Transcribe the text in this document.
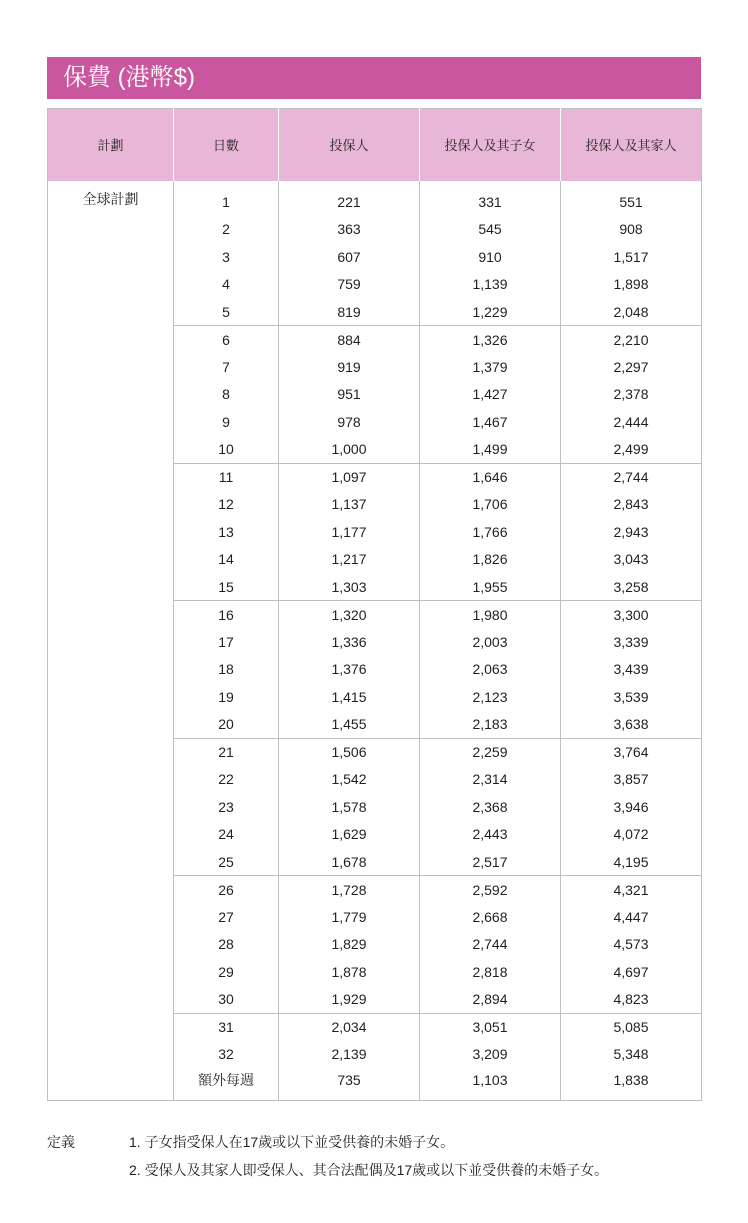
保費 (港幣$)
計劃	日數	投保人	投保人及其子女	投保人及其家人
全球計劃	1	221	331	551
	2	363	545	908
	3	607	910	1,517
	4	759	1,139	1,898
	5	819	1,229	2,048
	6	884	1,326	2,210
	7	919	1,379	2,297
	8	951	1,427	2,378
	9	978	1,467	2,444
	10	1,000	1,499	2,499
	11	1,097	1,646	2,744
	12	1,137	1,706	2,843
	13	1,177	1,766	2,943
	14	1,217	1,826	3,043
	15	1,303	1,955	3,258
	16	1,320	1,980	3,300
	17	1,336	2,003	3,339
	18	1,376	2,063	3,439
	19	1,415	2,123	3,539
	20	1,455	2,183	3,638
	21	1,506	2,259	3,764
	22	1,542	2,314	3,857
	23	1,578	2,368	3,946
	24	1,629	2,443	4,072
	25	1,678	2,517	4,195
	26	1,728	2,592	4,321
	27	1,779	2,668	4,447
	28	1,829	2,744	4,573
	29	1,878	2,818	4,697
	30	1,929	2,894	4,823
	31	2,034	3,051	5,085
	32	2,139	3,209	5,348
	額外每週	735	1,103	1,838
定義	1. 子女指受保人在17歲或以下並受供養的未婚子女。
2. 受保人及其家人即受保人、其合法配偶及17歲或以下並受供養的未婚子女。
